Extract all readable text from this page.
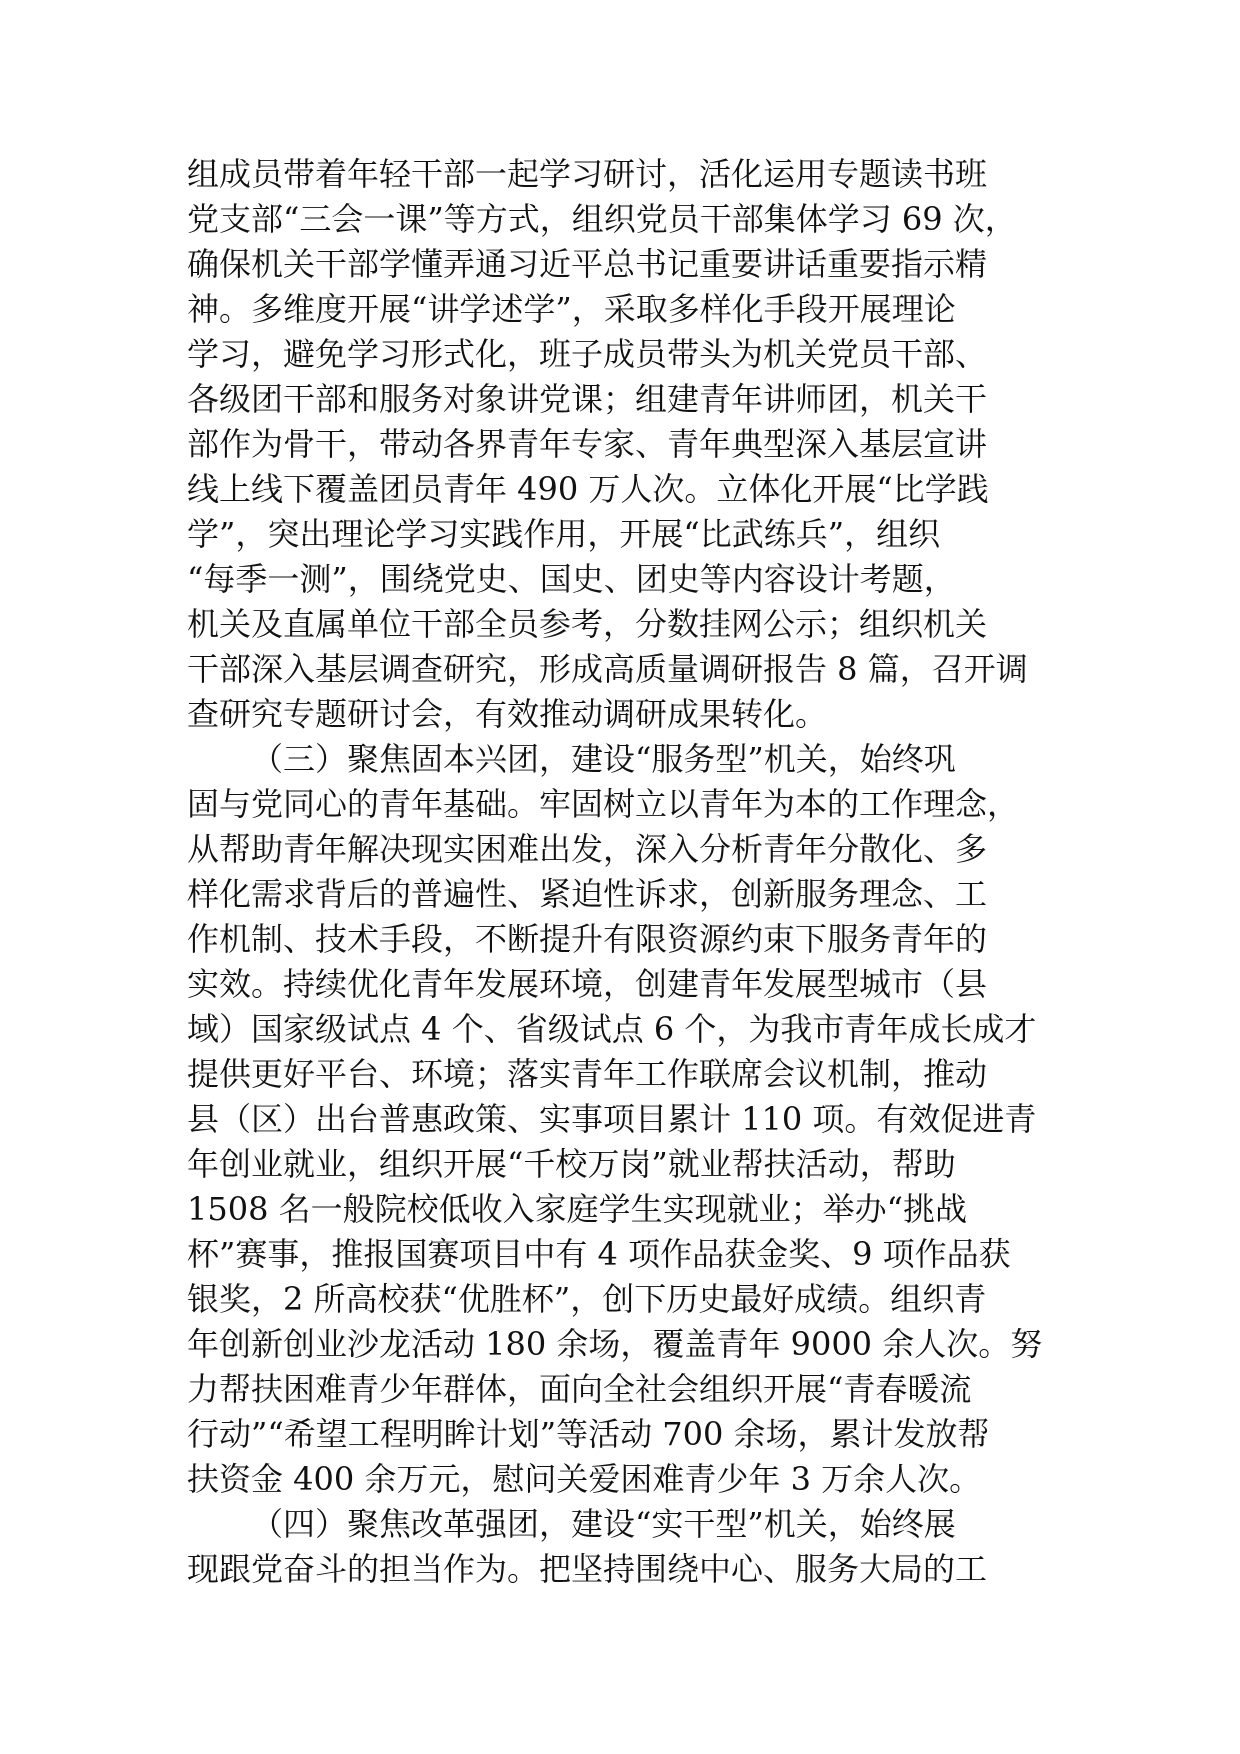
组成员带着年轻干部一起学习研讨，活化运用专题读书班
党支部“三会一课”等方式，组织党员干部集体学习 69 次，
确保机关干部学懂弄通习近平总书记重要讲话重要指示精
神。多维度开展“讲学述学”，采取多样化手段开展理论
学习，避免学习形式化，班子成员带头为机关党员干部、
各级团干部和服务对象讲党课；组建青年讲师团，机关干
部作为骨干，带动各界青年专家、青年典型深入基层宣讲
线上线下覆盖团员青年 490 万人次。立体化开展“比学践
学”，突出理论学习实践作用，开展“比武练兵”，组织
“每季一测”，围绕党史、国史、团史等内容设计考题，
机关及直属单位干部全员参考，分数挂网公示；组织机关
干部深入基层调查研究，形成高质量调研报告 8 篇，召开调
查研究专题研讨会，有效推动调研成果转化。
（三）聚焦固本兴团，建设“服务型”机关，始终巩
固与党同心的青年基础。牢固树立以青年为本的工作理念，
从帮助青年解决现实困难出发，深入分析青年分散化、多
样化需求背后的普遍性、紧迫性诉求，创新服务理念、工
作机制、技术手段，不断提升有限资源约束下服务青年的
实效。持续优化青年发展环境，创建青年发展型城市（县
域）国家级试点 4 个、省级试点 6 个，为我市青年成长成才
提供更好平台、环境；落实青年工作联席会议机制，推动
县（区）出台普惠政策、实事项目累计 110 项。有效促进青
年创业就业，组织开展“千校万岗”就业帮扶活动，帮助
1508 名一般院校低收入家庭学生实现就业；举办“挑战
杯”赛事，推报国赛项目中有 4 项作品获金奖、9 项作品获
银奖，2 所高校获“优胜杯”，创下历史最好成绩。组织青
年创新创业沙龙活动 180 余场，覆盖青年 9000 余人次。努
力帮扶困难青少年群体，面向全社会组织开展“青春暖流
行动”“希望工程明眸计划”等活动 700 余场，累计发放帮
扶资金 400 余万元，慰问关爱困难青少年 3 万余人次。
（四）聚焦改革强团，建设“实干型”机关，始终展
现跟党奋斗的担当作为。把坚持围绕中心、服务大局的工
